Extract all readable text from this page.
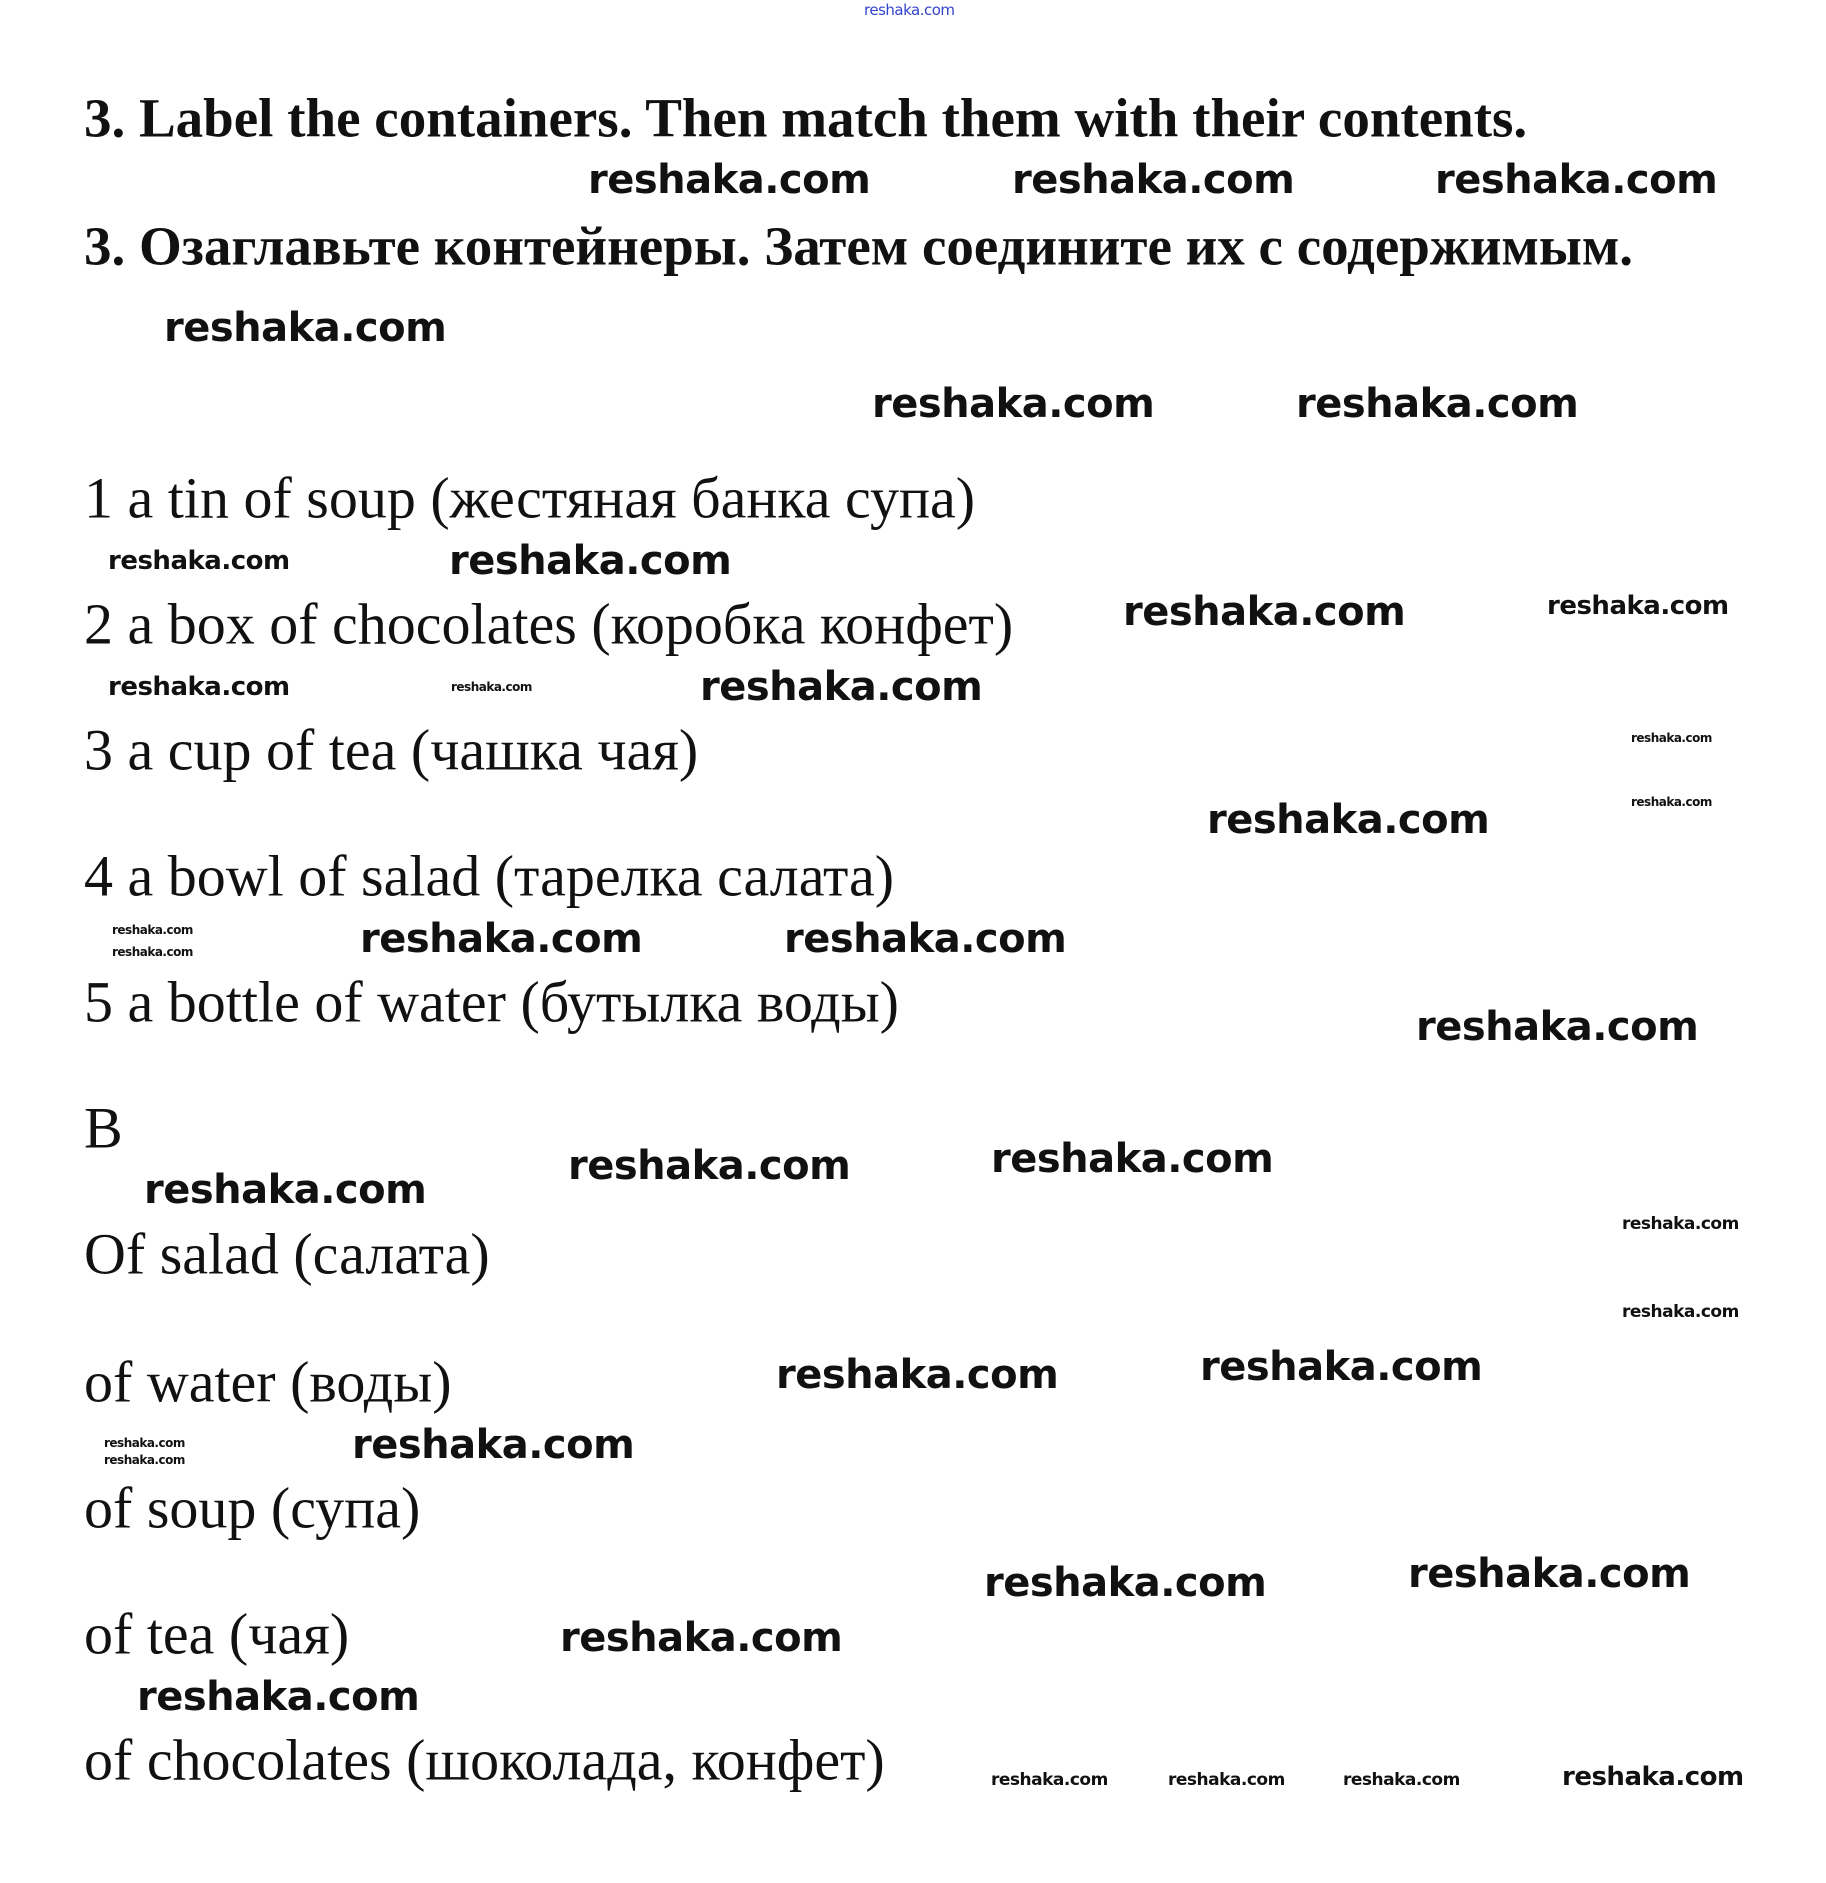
3. Label the containers. Then match them with their contents.
3. Озаглавьте контейнеры. Затем соедините их с содержимым.
1 a tin of soup (жестяная банка супа)
2 a box of chocolates (коробка конфет)
3 a cup of tea (чашка чая)
4 a bowl of salad (тарелка салата)
5 a bottle of water (бутылка воды)
B
Of salad (салата)
of water (воды)
of soup (супа)
of tea (чая)
of chocolates (шоколада, конфет)
reshaka.com
reshaka.com	reshaka.com	reshaka.com
reshaka.com
reshaka.com	reshaka.com
reshaka.com
reshaka.com
reshaka.com	reshaka.com
reshaka.com	reshaka.com	reshaka.com
reshaka.com
reshaka.com	reshaka.com
reshaka.com	reshaka.com	reshaka.com
reshaka.com
reshaka.com
reshaka.com	reshaka.com
reshaka.com
reshaka.com
reshaka.com
reshaka.com	reshaka.com
reshaka.com	reshaka.com
reshaka.com
reshaka.com	reshaka.com
reshaka.com
reshaka.com
reshaka.com	reshaka.com	reshaka.com	reshaka.com
